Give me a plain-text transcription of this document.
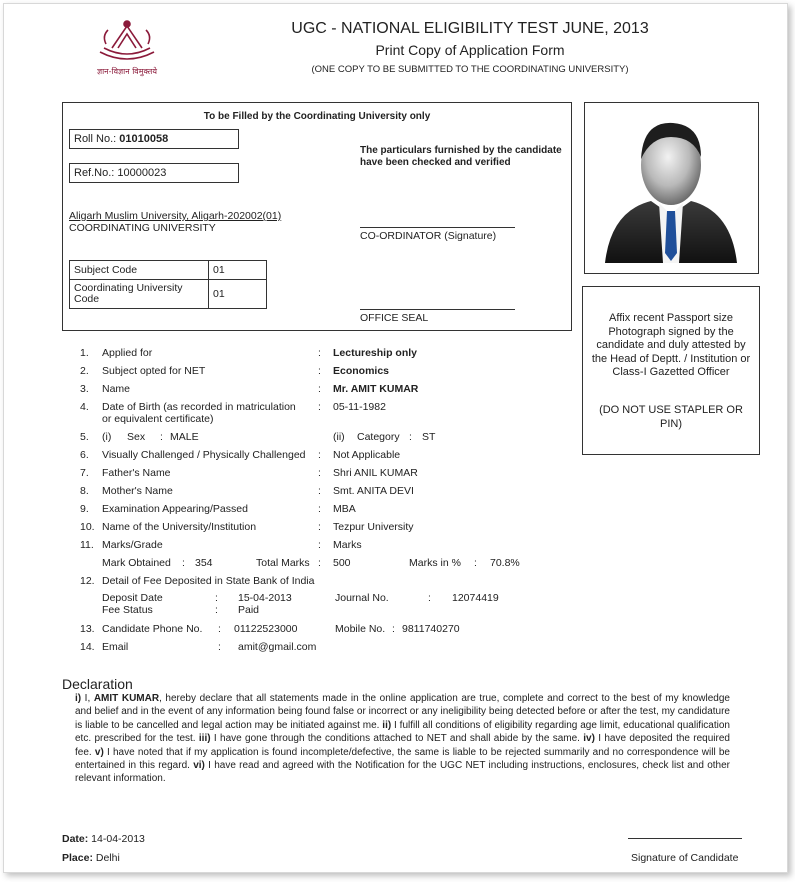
ज्ञान-विज्ञान विमुक्तये
UGC - NATIONAL ELIGIBILITY TEST JUNE, 2013
Print Copy of Application Form
(ONE COPY TO BE SUBMITTED TO THE COORDINATING UNIVERSITY)
To be Filled by the Coordinating University only
Roll No.: 01010058
Ref.No.: 10000023
The particulars furnished by the candidate have been checked and verified
Aligarh Muslim University, Aligarh-202002(01)
COORDINATING UNIVERSITY
CO-ORDINATOR (Signature)
Subject Code	01
Coordinating University Code	01
OFFICE SEAL	Affix recent Passport size Photograph signed by the candidate and duly attested by the Head of Deptt. / Institution or Class-I Gazetted Officer
(DO NOT USE STAPLER OR PIN)
1. Applied for	: Lectureship only
2. Subject opted for NET	: Economics
3. Name	: Mr. AMIT KUMAR
4. Date of Birth (as recorded in matriculation or equivalent certificate)
: 05-11-1982
5. (i) Sex : MALE	(ii) Category : ST
6. Visually Challenged / Physically Challenged : Not Applicable
7. Father's Name	: Shri ANIL KUMAR
8. Mother's Name	: Smt. ANITA DEVI
9. Examination Appearing/Passed	: MBA
10. Name of the University/Institution	: Tezpur University
11. Marks/Grade	: Marks
Mark Obtained : 354	Total Marks : 500	Marks in % : 70.8%
12. Detail of Fee Deposited in State Bank of India
Deposit Date	: 15-04-2013	Journal No.	: 12074419
Fee Status	: Paid
13. Candidate Phone No. : 01122523000	Mobile No. : 9811740270
14. Email	: amit@gmail.com
Declaration
i) I, AMIT KUMAR, hereby declare that all statements made in the online application are true, complete and correct to the best of my knowledge and belief and in the event of any information being found false or incorrect or any ineligibility being detected before or after the test, my candidature is liable to be cancelled and legal action may be initiated against me. ii) I fulfill all conditions of eligibility regarding age limit, educational qualification etc. prescribed for the test. iii) I have gone through the conditions attached to NET and shall abide by the same. iv) I have deposited the required fee. v) I have noted that if my application is found incomplete/defective, the same is liable to be rejected summarily and no correspondence will be entertained in this regard. vi) I have read and agreed with the Notification for the UGC NET including instructions, enclosures, check list and other relevant information.
Date: 14-04-2013
Place: Delhi	Signature of Candidate
